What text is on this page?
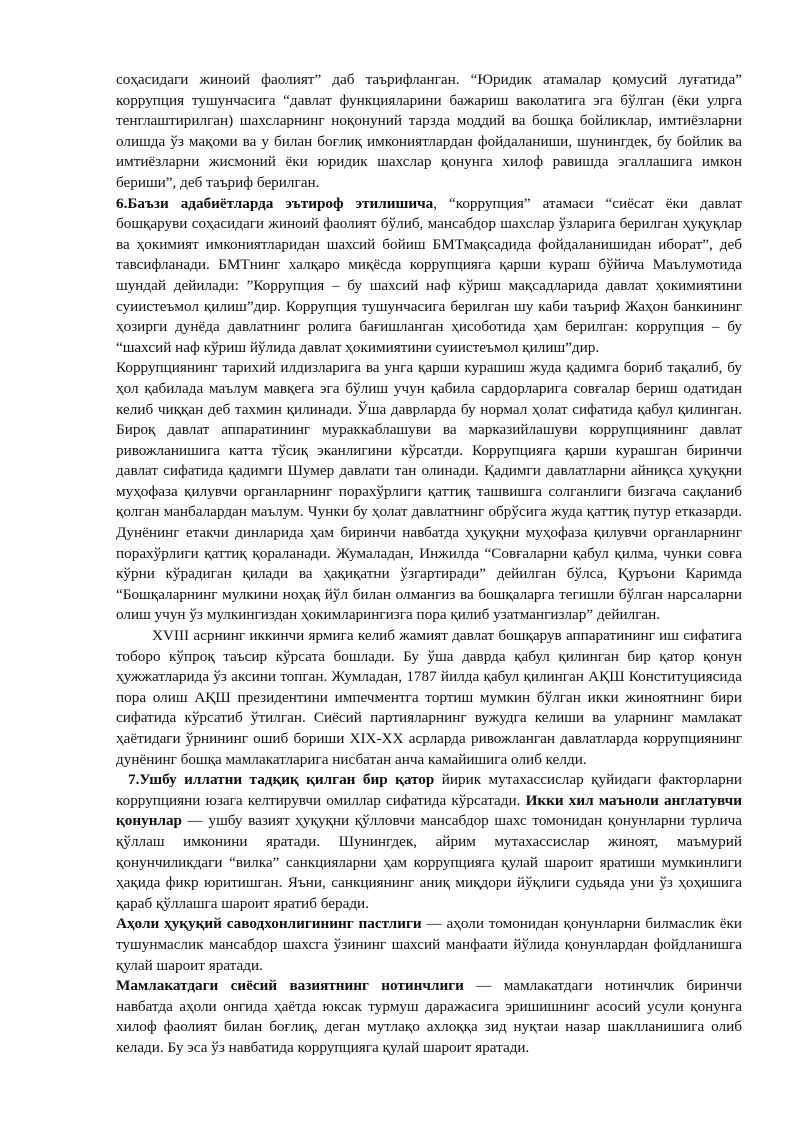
соҳасидаги жиноий фаолият” даб таърифланган. “Юридик атамалар қомусий луғатида” коррупция тушунчасига “давлат функцияларини бажариш ваколатига эга бўлган (ёки улрга тенглаштирилган) шахсларнинг ноқонуний тарзда моддий ва бошқа бойликлар, имтиёзларни олишда ўз мақоми ва у билан боғлиқ имкониятлардан фойдаланиши, шунингдек, бу бойлик ва имтиёзларни жисмоний ёки юридик шахслар қонунга хилоф равишда эгаллашига имкон бериши”, деб таъриф берилган.

6.Баъзи адабиётларда эътироф этилишича, “коррупция” атамаси “сиёсат ёки давлат бошқаруви соҳасидаги жиноий фаолият бўлиб, мансабдор шахслар ўзларига берилган ҳуқуқлар ва ҳокимият имкониятларидан шахсий бойиш БМТмақсадида фойдаланишидан иборат”, деб тавсифланади. БМТнинг халқаро миқёсда коррупцияга қарши кураш бўйича Маълумотида шундай дейилади: ”Коррупция – бу шахсий наф кўриш мақсадларида давлат ҳокимиятини суиистеъмол қилиш”дир. Коррупция тушунчасига берилган шу каби таъриф Жаҳон банкининг ҳозирги дунёда давлатнинг ролига бағишланган ҳисоботида ҳам берилган: коррупция – бу “шахсий наф кўриш йўлида давлат ҳокимиятини суиистеъмол қилиш”дир.

Коррупциянинг тарихий илдизларига ва унга қарши курашиш жуда қадимга бориб тақалиб, бу ҳол қабилада маълум мавқега эга бўлиш учун қабила сардорларига совғалар бериш одатидан келиб чиққан деб тахмин қилинади. Ўша даврларда бу нормал ҳолат сифатида қабул қилинган. Бироқ давлат аппаратининг мураккаблашуви ва марказийлашуви коррупциянинг давлат ривожланишига катта тўсиқ эканлигини кўрсатди. Коррупцияга қарши курашган биринчи давлат сифатида қадимги Шумер давлати тан олинади. Қадимги давлатларни айниқса ҳуқуқни муҳофаза қилувчи органларнинг порахўрлиги қаттиқ ташвишга солганлиги бизгача сақланиб қолган манбалардан маълум. Чунки бу ҳолат давлатнинг обрўсига жуда қаттиқ путур етказарди. Дунёнинг етакчи динларида ҳам биринчи навбатда ҳуқуқни муҳофаза қилувчи органларнинг порахўрлиги қаттиқ қораланади. Жумаладан, Инжилда “Совғаларни қабул қилма, чунки совға кўрни кўрадиган қилади ва ҳақиқатни ўзгартиради” дейилган бўлса, Қуръони Каримда “Бошқаларнинг мулкини ноҳақ йўл билан олмангиз ва бошқаларга тегишли бўлган нарсаларни олиш учун ўз мулкингиздан ҳокимларингизга пора қилиб узатмангизлар” дейилган.

XVIII асрнинг иккинчи ярмига келиб жамият давлат бошқарув аппаратининг иш сифатига тоборо кўпроқ таъсир кўрсата бошлади. Бу ўша даврда қабул қилинган бир қатор қонун ҳужжатларида ўз аксини топган. Жумладан, 1787 йилда қабул қилинган АҚШ Конституциясида пора олиш АҚШ президентини импечментга тортиш мумкин бўлган икки жиноятнинг бири сифатида кўрсатиб ўтилган. Сиёсий партияларнинг вужудга келиши ва уларнинг мамлакат ҳаётидаги ўрнининг ошиб бориши XIX-XX асрларда ривожланган давлатларда коррупциянинг дунёнинг бошқа мамлакатларига нисбатан анча камайишига олиб келди.

7.Ушбу иллатни тадқиқ қилган бир қатор йирик мутахассислар қуйидаги факторларни коррупцияни юзага келтирувчи омиллар сифатида кўрсатади. Икки хил маъноли англатувчи қонунлар — ушбу вазият ҳуқуқни қўлловчи мансабдор шахс томонидан қонунларни турлича қўллаш имконини яратади. Шунингдек, айрим мутахассислар жиноят, маъмурий қонунчиликдаги “вилка” санкцияларни ҳам коррупцияга қулай шароит яратиши мумкинлиги ҳақида фикр юритишган. Яъни, санкциянинг аниқ миқдори йўқлиги судьяда уни ўз ҳоҳишига қараб қўллашга шароит яратиб беради.

Аҳоли ҳуқуқий саводхонлигининг пастлиги — аҳоли томонидан қонунларни билмаслик ёки тушунмаслик мансабдор шахсга ўзининг шахсий манфаати йўлида қонунлардан фойдланишга қулай шароит яратади.

Мамлакатдаги сиёсий вазиятнинг нотинчлиги — мамлакатдаги нотинчлик биринчи навбатда аҳоли онгида ҳаётда юксак турмуш даражасига эришишнинг асосий усули қонунга хилоф фаолият билан боғлиқ, деган мутлақо ахлоққа зид нуқтаи назар шаклланишига олиб келади. Бу эса ўз навбатида коррупцияга қулай шароит яратади.
